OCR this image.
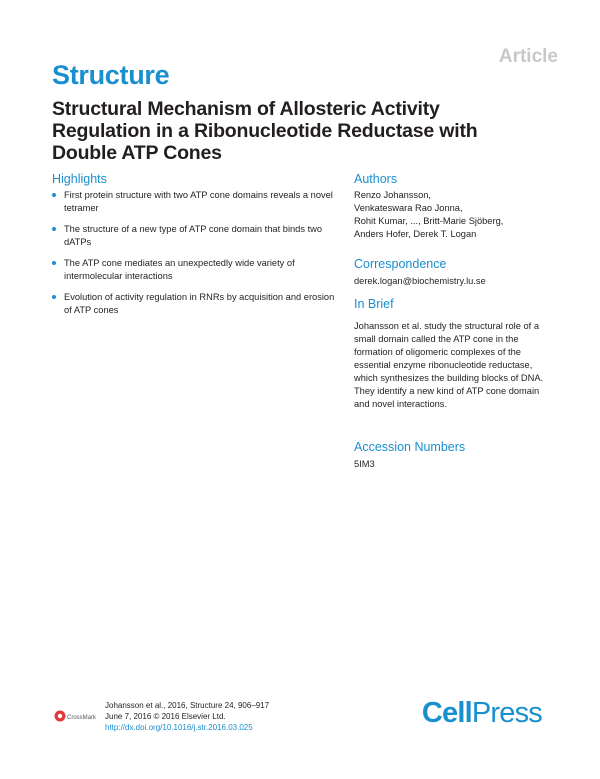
Article
Structure
Structural Mechanism of Allosteric Activity Regulation in a Ribonucleotide Reductase with Double ATP Cones
Highlights
First protein structure with two ATP cone domains reveals a novel tetramer
The structure of a new type of ATP cone domain that binds two dATPs
The ATP cone mediates an unexpectedly wide variety of intermolecular interactions
Evolution of activity regulation in RNRs by acquisition and erosion of ATP cones
Authors
Renzo Johansson,
Venkateswara Rao Jonna,
Rohit Kumar, ..., Britt-Marie Sjöberg,
Anders Hofer, Derek T. Logan
Correspondence
derek.logan@biochemistry.lu.se
In Brief
Johansson et al. study the structural role of a small domain called the ATP cone in the formation of oligomeric complexes of the essential enzyme ribonucleotide reductase, which synthesizes the building blocks of DNA. They identify a new kind of ATP cone domain and novel interactions.
Accession Numbers
5IM3
CrossMark
Johansson et al., 2016, Structure 24, 906–917
June 7, 2016 © 2016 Elsevier Ltd.
http://dx.doi.org/10.1016/j.str.2016.03.025	CellPress
